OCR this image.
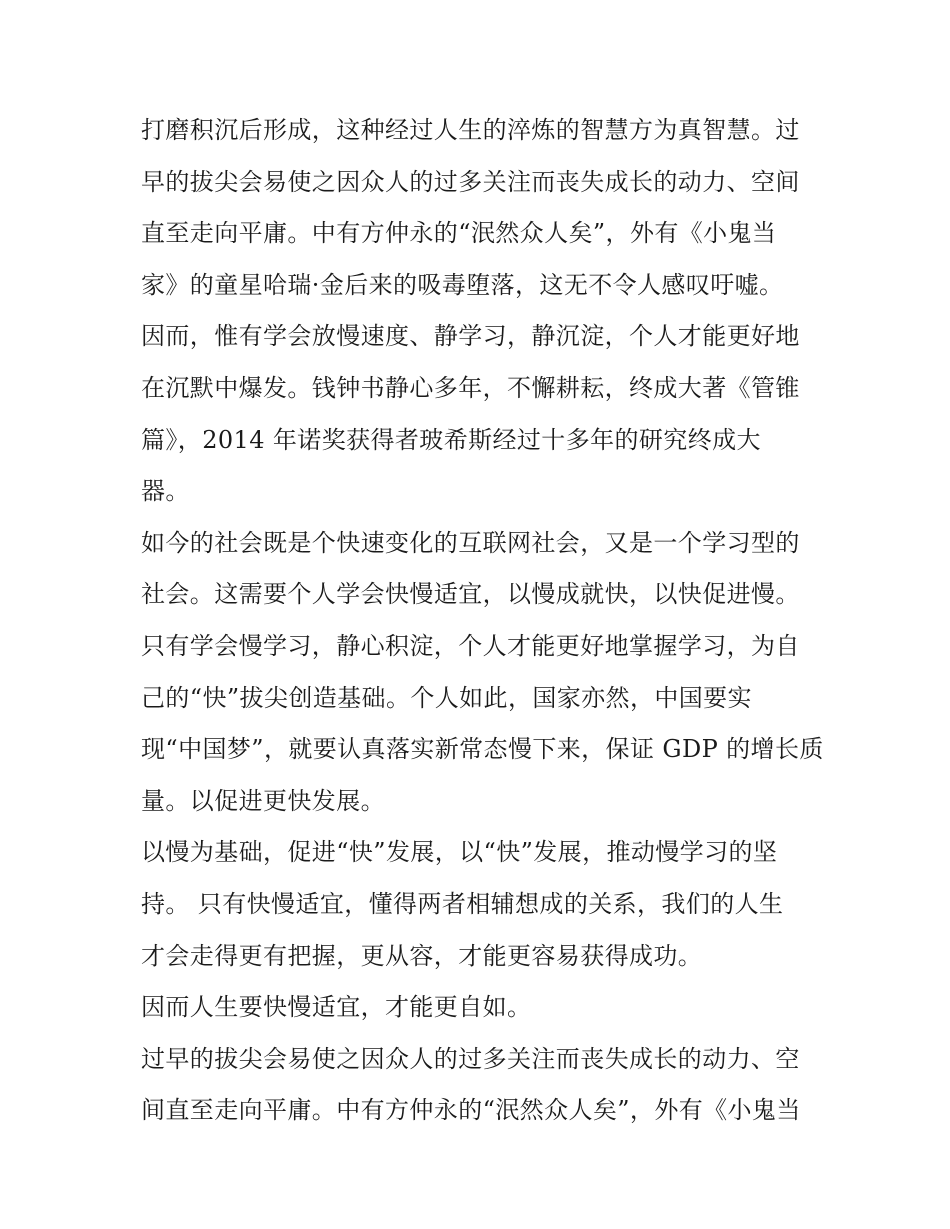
打磨积沉后形成，这种经过人生的淬炼的智慧方为真智慧。过
早的拔尖会易使之因众人的过多关注而丧失成长的动力、空间
直至走向平庸。中有方仲永的“泯然众人矣”，外有《小鬼当
家》的童星哈瑞·金后来的吸毒堕落，这无不令人感叹吁嘘。
因而，惟有学会放慢速度、静学习，静沉淀，个人才能更好地
在沉默中爆发。钱钟书静心多年，不懈耕耘，终成大著《管锥
篇》，2014 年诺奖获得者玻希斯经过十多年的研究终成大
器。
如今的社会既是个快速变化的互联网社会，又是一个学习型的
社会。这需要个人学会快慢适宜，以慢成就快，以快促进慢。
只有学会慢学习，静心积淀，个人才能更好地掌握学习，为自
己的“快”拔尖创造基础。个人如此，国家亦然，中国要实
现“中国梦”，就要认真落实新常态慢下来，保证 GDP 的增长质
量。以促进更快发展。
以慢为基础，促进“快”发展，以“快”发展，推动慢学习的坚
持。 只有快慢适宜，懂得两者相辅想成的关系，我们的人生
才会走得更有把握，更从容，才能更容易获得成功。
因而人生要快慢适宜，才能更自如。
过早的拔尖会易使之因众人的过多关注而丧失成长的动力、空
间直至走向平庸。中有方仲永的“泯然众人矣”，外有《小鬼当
